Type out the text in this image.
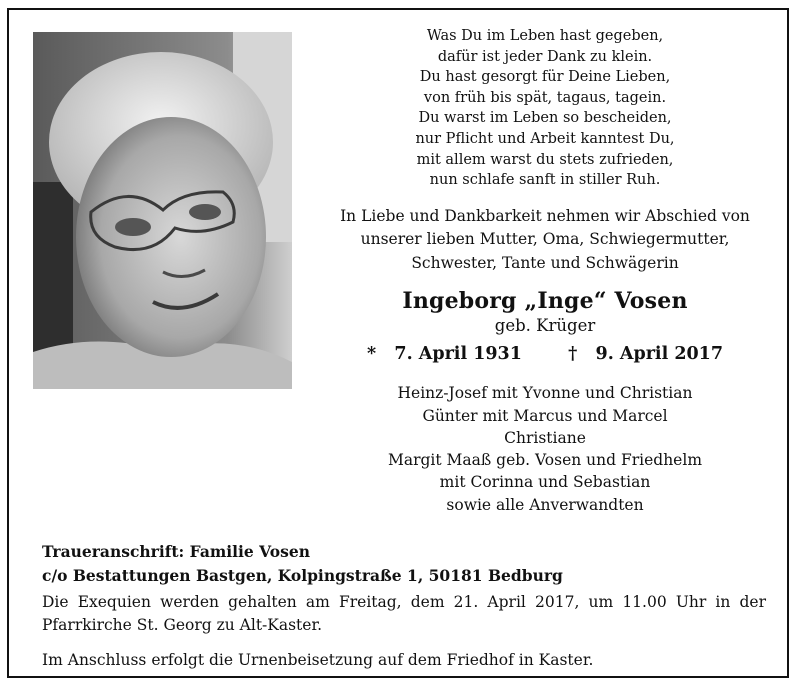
Was Du im Leben hast gegeben,
dafür ist jeder Dank zu klein.
Du hast gesorgt für Deine Lieben,
von früh bis spät, tagaus, tagein.
Du warst im Leben so bescheiden,
nur Pflicht und Arbeit kanntest Du,
mit allem warst du stets zufrieden,
nun schlafe sanft in stiller Ruh.
In Liebe und Dankbarkeit nehmen wir Abschied von
unserer lieben Mutter, Oma, Schwiegermutter,
Schwester, Tante und Schwägerin
Ingeborg „Inge“ Vosen
geb. Krüger
* 7. April 1931	† 9. April 2017
Heinz-Josef mit Yvonne und Christian
Günter mit Marcus und Marcel
Christiane
Margit Maaß geb. Vosen und Friedhelm
mit Corinna und Sebastian
sowie alle Anverwandten
Traueranschrift: Familie Vosen
c/o Bestattungen Bastgen, Kolpingstraße 1, 50181 Bedburg
Die Exequien werden gehalten am Freitag, dem 21. April 2017, um 11.00 Uhr in der Pfarrkirche St. Georg zu Alt-Kaster.
Im Anschluss erfolgt die Urnenbeisetzung auf dem Friedhof in Kaster.
